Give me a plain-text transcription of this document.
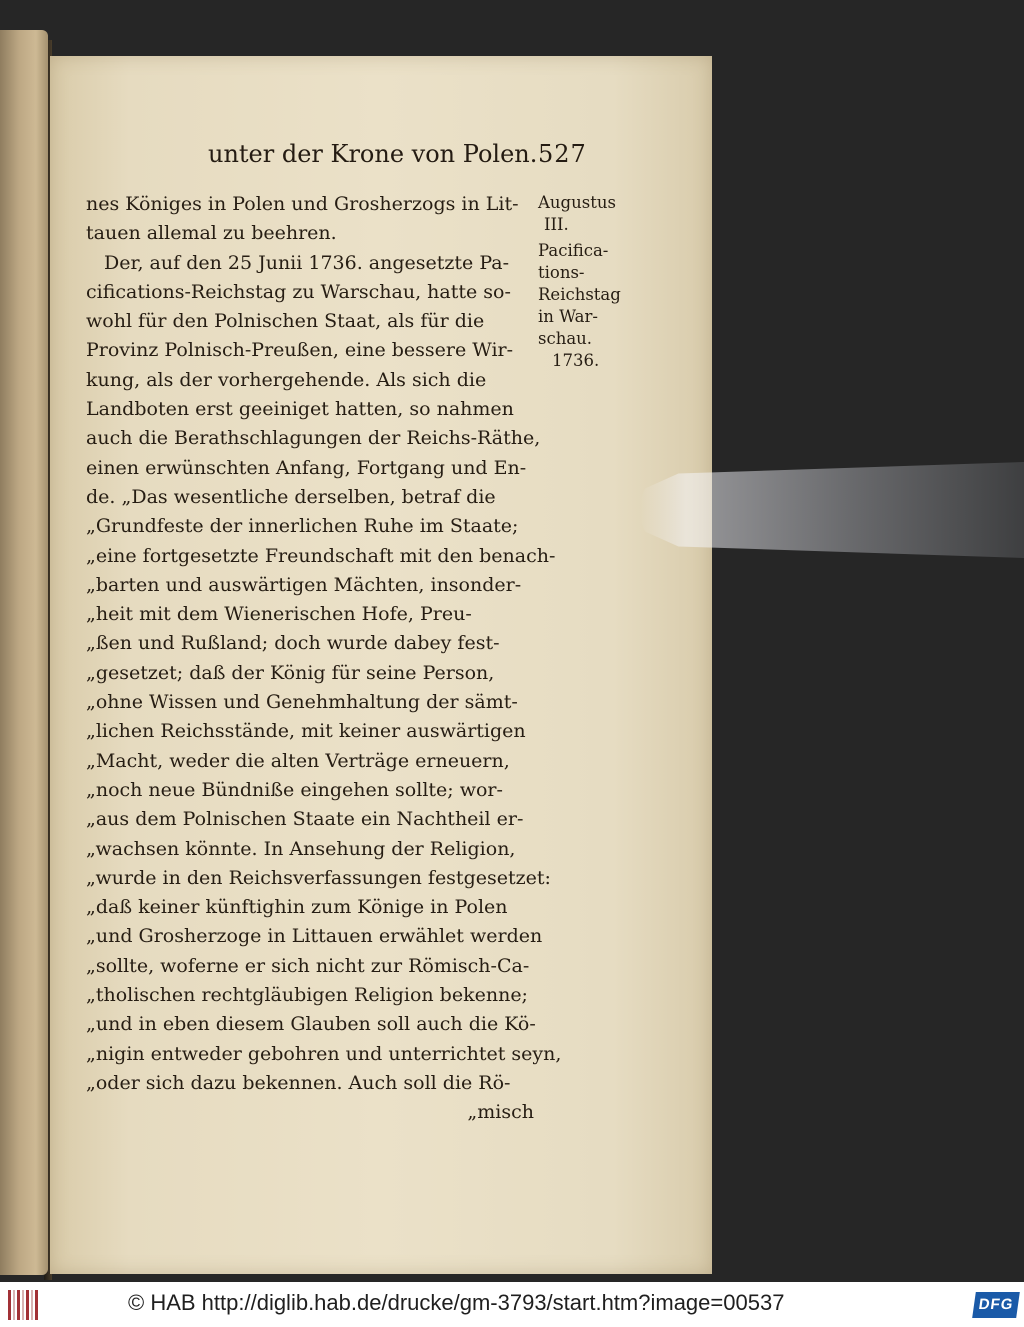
unter der Krone von Polen. 527
nes Königes in Polen und Grosherzogs in Lit-
tauen allemal zu beehren.
Der, auf den 25 Junii 1736. angesetzte Pa-
cifications-Reichstag zu Warschau, hatte so-
wohl für den Polnischen Staat, als für die
Provinz Polnisch-Preußen, eine bessere Wir-
kung, als der vorhergehende. Als sich die
Landboten erst geeiniget hatten, so nahmen
auch die Berathschlagungen der Reichs-Räthe,
einen erwünschten Anfang, Fortgang und En-
de. „Das wesentliche derselben, betraf die
„Grundfeste der innerlichen Ruhe im Staate;
„eine fortgesetzte Freundschaft mit den benach-
„barten und auswärtigen Mächten, insonder-
„heit mit dem Wienerischen Hofe, Preu-
„ßen und Rußland; doch wurde dabey fest-
„gesetzet; daß der König für seine Person,
„ohne Wissen und Genehmhaltung der sämt-
„lichen Reichsstände, mit keiner auswärtigen
„Macht, weder die alten Verträge erneuern,
„noch neue Bündniße eingehen sollte; wor-
„aus dem Polnischen Staate ein Nachtheil er-
„wachsen könnte. In Ansehung der Religion,
„wurde in den Reichsverfassungen festgesetzet:
„daß keiner künftighin zum Könige in Polen
„und Grosherzoge in Littauen erwählet werden
„sollte, woferne er sich nicht zur Römisch-Ca-
„tholischen rechtgläubigen Religion bekenne;
„und in eben diesem Glauben soll auch die Kö-
„nigin entweder gebohren und unterrichtet seyn,
„oder sich dazu bekennen. Auch soll die Rö-
„misch
Augustus
III.
Pacifica-
tions-
Reichstag
in War-
schau.
1736.
© HAB http://diglib.hab.de/drucke/gm-3793/start.htm?image=00537	DFG
